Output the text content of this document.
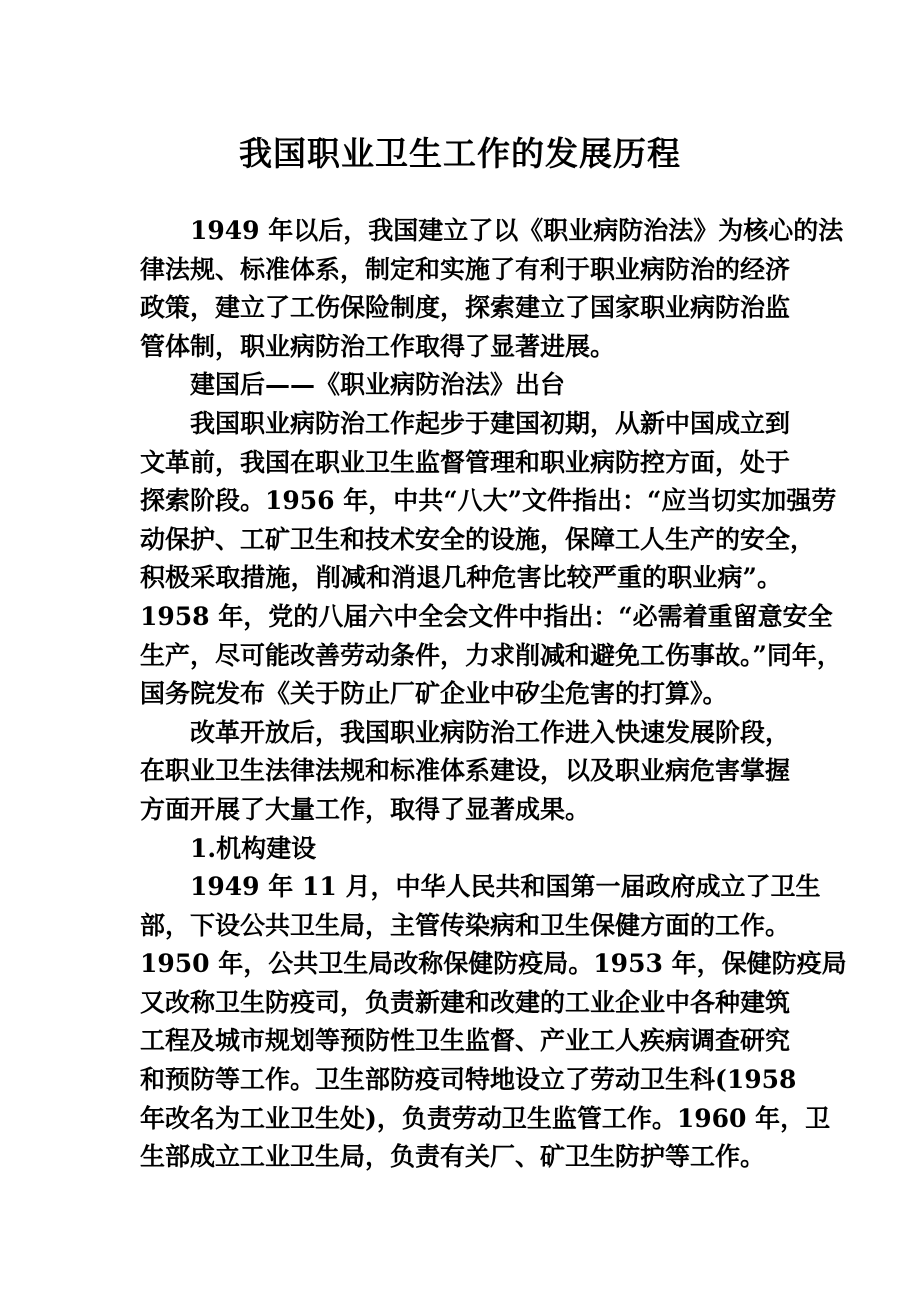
我国职业卫生工作的发展历程
1949 年以后，我国建立了以《职业病防治法》为核心的法
律法规、标准体系，制定和实施了有利于职业病防治的经济
政策，建立了工伤保险制度，探索建立了国家职业病防治监
管体制，职业病防治工作取得了显著进展。
建国后——《职业病防治法》出台
我国职业病防治工作起步于建国初期，从新中国成立到
文革前，我国在职业卫生监督管理和职业病防控方面，处于
探索阶段。1956 年，中共“八大”文件指出：“应当切实加强劳
动保护、工矿卫生和技术安全的设施，保障工人生产的安全，
积极采取措施，削减和消退几种危害比较严重的职业病”。
1958 年，党的八届六中全会文件中指出：“必需着重留意安全
生产，尽可能改善劳动条件，力求削减和避免工伤事故。”同年，
国务院发布《关于防止厂矿企业中矽尘危害的打算》。
改革开放后，我国职业病防治工作进入快速发展阶段，
在职业卫生法律法规和标准体系建设，以及职业病危害掌握
方面开展了大量工作，取得了显著成果。
1.机构建设
1949 年 11 月，中华人民共和国第一届政府成立了卫生
部，下设公共卫生局，主管传染病和卫生保健方面的工作。
1950 年，公共卫生局改称保健防疫局。1953 年，保健防疫局
又改称卫生防疫司，负责新建和改建的工业企业中各种建筑
工程及城市规划等预防性卫生监督、产业工人疾病调查研究
和预防等工作。卫生部防疫司特地设立了劳动卫生科(1958
年改名为工业卫生处)，负责劳动卫生监管工作。1960 年，卫
生部成立工业卫生局，负责有关厂、矿卫生防护等工作。
